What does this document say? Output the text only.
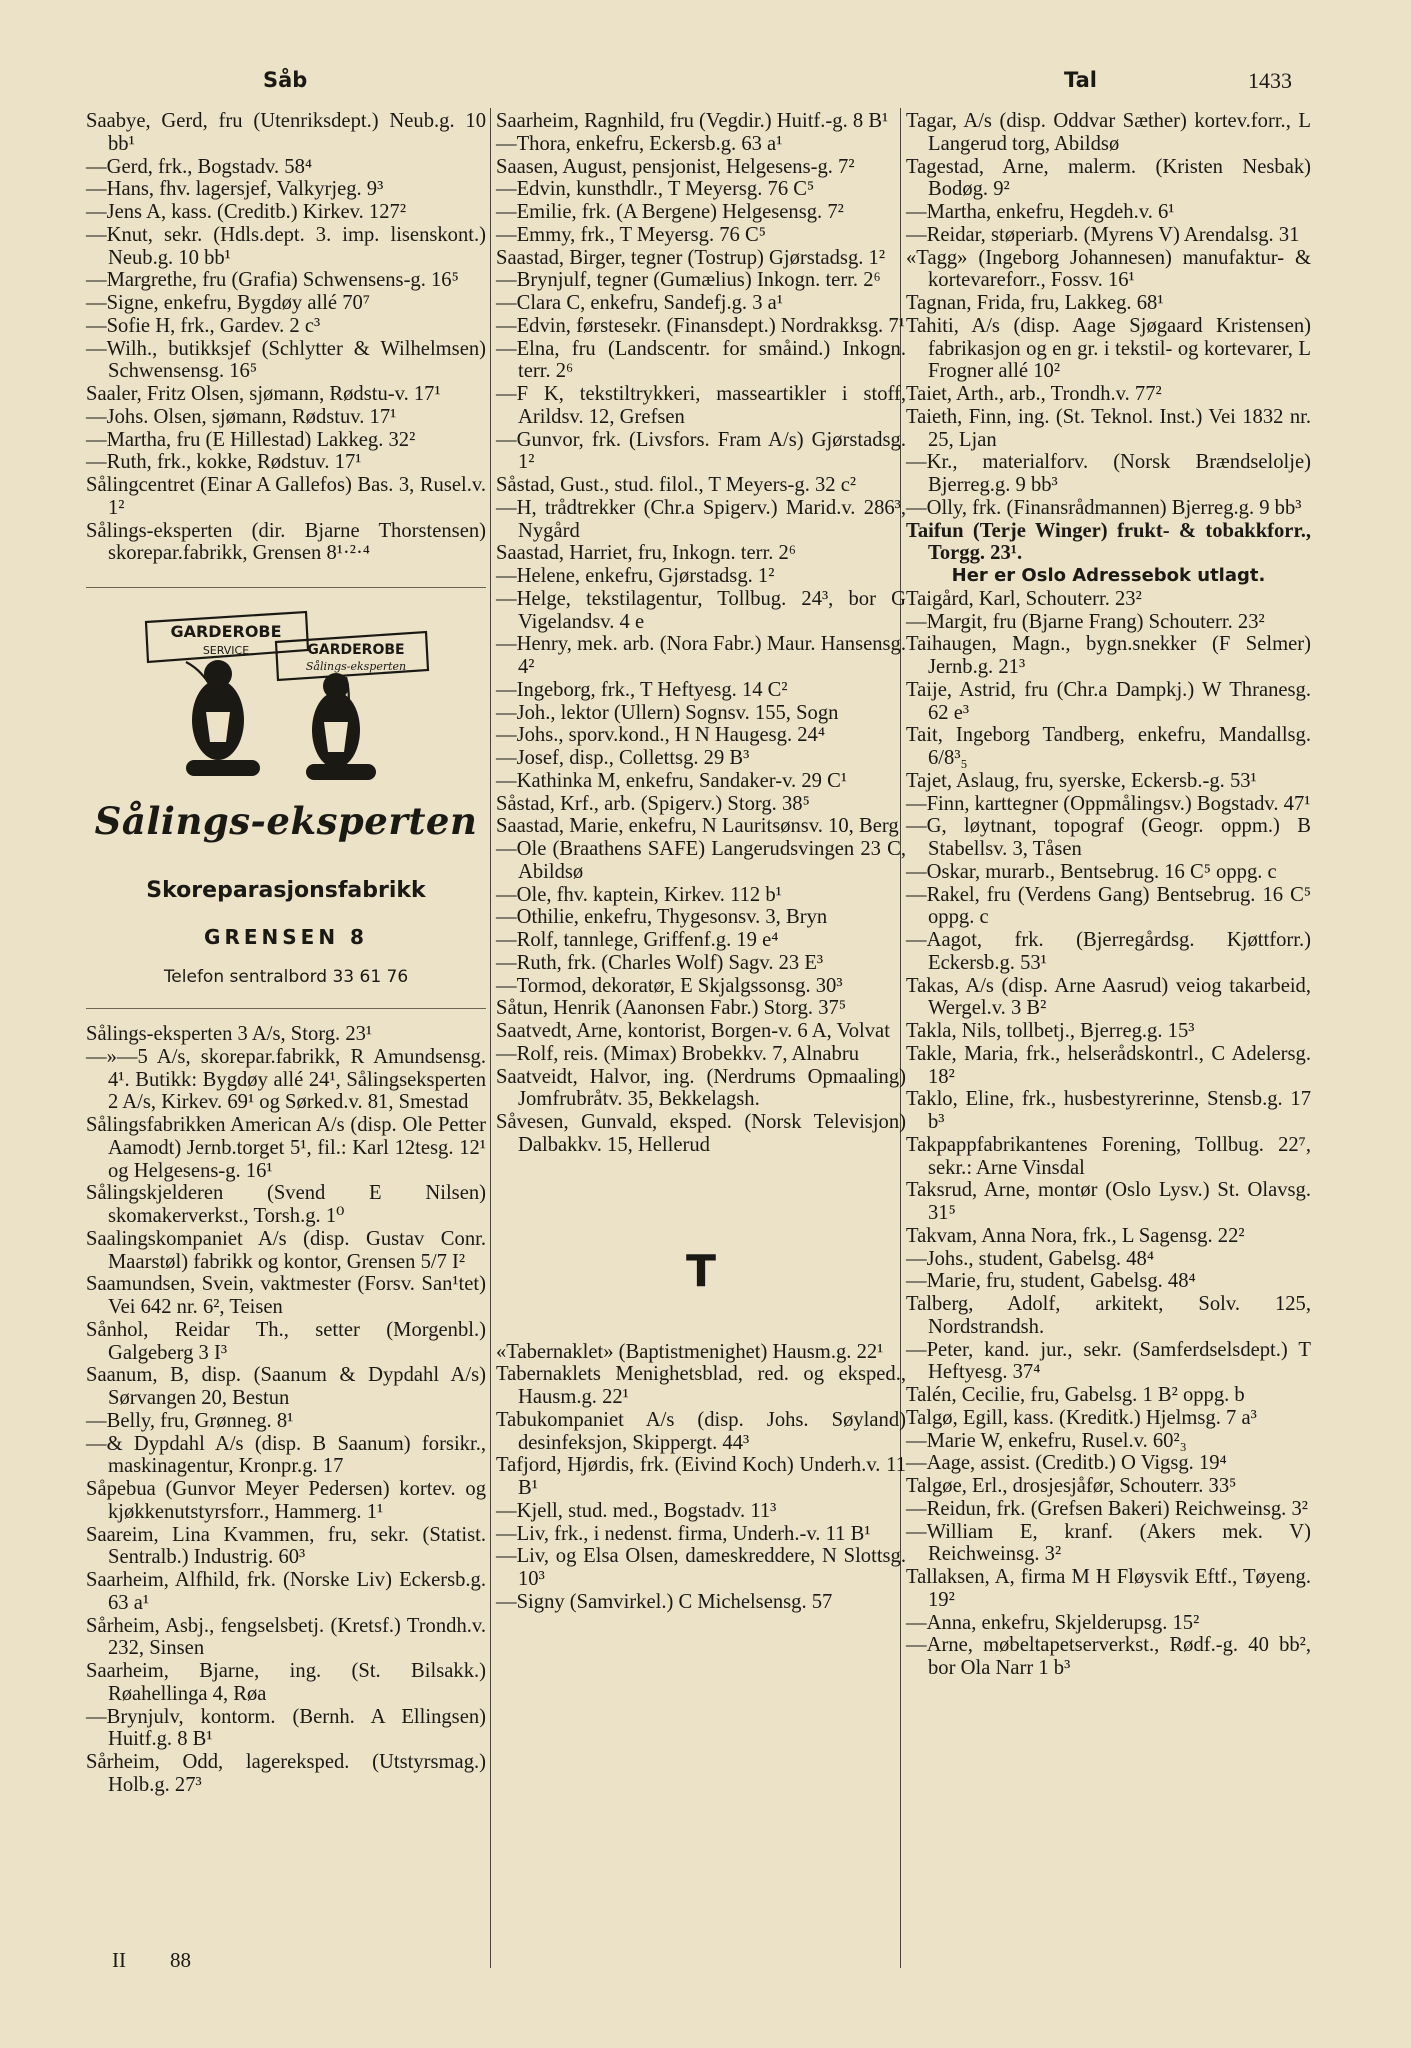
Såb	Tal	1433

Saabye, Gerd, fru (Utenriksdept.) Neub.g. 10 bb¹

—Gerd, frk., Bogstadv. 58⁴

—Hans, fhv. lagersjef, Valkyrjeg. 9³

—Jens A, kass. (Creditb.) Kirkev. 127²

—Knut, sekr. (Hdls.dept. 3. imp. lisenskont.) Neub.g. 10 bb¹

—Margrethe, fru (Grafia) Schwensens-g. 16⁵

—Signe, enkefru, Bygdøy allé 70⁷

—Sofie H, frk., Gardev. 2 c³

—Wilh., butikksjef (Schlytter & Wilhelmsen) Schwensensg. 16⁵

Saaler, Fritz Olsen, sjømann, Rødstu-v. 17¹

—Johs. Olsen, sjømann, Rødstuv. 17¹

—Martha, fru (E Hillestad) Lakkeg. 32²

—Ruth, frk., kokke, Rødstuv. 17¹

Sålingcentret (Einar A Gallefos) Bas. 3, Rusel.v. 1²

Sålings-eksperten (dir. Bjarne Thorstensen) skorepar.fabrikk, Grensen 8¹·²·⁴

GARDEROBE
SERVICE	GARDEROBE
Sålings-eksperten
Sålings-eksperten
Skoreparasjonsfabrikk
GRENSEN 8
Telefon sentralbord 33 61 76

Sålings-eksperten 3 A/s, Storg. 23¹

—»—5 A/s, skorepar.fabrikk, R Amundsensg. 4¹. Butikk: Bygdøy allé 24¹, Sålingseksperten 2 A/s, Kirkev. 69¹ og Sørked.v. 81, Smestad

Sålingsfabrikken American A/s (disp. Ole Petter Aamodt) Jernb.torget 5¹, fil.: Karl 12tesg. 12¹ og Helgesens-g. 16¹

Sålingskjelderen (Svend E Nilsen) skomakerverkst., Torsh.g. 1⁰

Saalingskompaniet A/s (disp. Gustav Conr. Maarstøl) fabrikk og kontor, Grensen 5/7 I²

Saamundsen, Svein, vaktmester (Forsv. San¹tet) Vei 642 nr. 6², Teisen

Sånhol, Reidar Th., setter (Morgenbl.) Galgeberg 3 I³

Saanum, B, disp. (Saanum & Dypdahl A/s) Sørvangen 20, Bestun

—Belly, fru, Grønneg. 8¹

—& Dypdahl A/s (disp. B Saanum) forsikr., maskinagentur, Kronpr.g. 17

Såpebua (Gunvor Meyer Pedersen) kortev. og kjøkkenutstyrsforr., Hammerg. 1¹

Saareim, Lina Kvammen, fru, sekr. (Statist. Sentralb.) Industrig. 60³

Saarheim, Alfhild, frk. (Norske Liv) Eckersb.g. 63 a¹

Sårheim, Asbj., fengselsbetj. (Kretsf.) Trondh.v. 232, Sinsen

Saarheim, Bjarne, ing. (St. Bilsakk.) Røahellinga 4, Røa

—Brynjulv, kontorm. (Bernh. A Ellingsen) Huitf.g. 8 B¹

Sårheim, Odd, lagereksped. (Utstyrsmag.) Holb.g. 27³

Saarheim, Ragnhild, fru (Vegdir.) Huitf.-g. 8 B¹

—Thora, enkefru, Eckersb.g. 63 a¹

Saasen, August, pensjonist, Helgesens-g. 7²

—Edvin, kunsthdlr., T Meyersg. 76 C⁵

—Emilie, frk. (A Bergene) Helgesensg. 7²

—Emmy, frk., T Meyersg. 76 C⁵

Saastad, Birger, tegner (Tostrup) Gjørstadsg. 1²

—Brynjulf, tegner (Gumælius) Inkogn. terr. 2⁶

—Clara C, enkefru, Sandefj.g. 3 a¹

—Edvin, førstesekr. (Finansdept.) Nordrakksg. 7¹

—Elna, fru (Landscentr. for småind.) Inkogn. terr. 2⁶

—F K, tekstiltrykkeri, masseartikler i stoff, Arildsv. 12, Grefsen

—Gunvor, frk. (Livsfors. Fram A/s) Gjørstadsg. 1²

Såstad, Gust., stud. filol., T Meyers-g. 32 c²

—H, trådtrekker (Chr.a Spigerv.) Marid.v. 286³, Nygård

Saastad, Harriet, fru, Inkogn. terr. 2⁶

—Helene, enkefru, Gjørstadsg. 1²

—Helge, tekstilagentur, Tollbug. 24³, bor G Vigelandsv. 4 e

—Henry, mek. arb. (Nora Fabr.) Maur. Hansensg. 4²

—Ingeborg, frk., T Heftyesg. 14 C²

—Joh., lektor (Ullern) Sognsv. 155, Sogn

—Johs., sporv.kond., H N Haugesg. 24⁴

—Josef, disp., Collettsg. 29 B³

—Kathinka M, enkefru, Sandaker-v. 29 C¹

Såstad, Krf., arb. (Spigerv.) Storg. 38⁵

Saastad, Marie, enkefru, N Lauritsønsv. 10, Berg

—Ole (Braathens SAFE) Langerudsvingen 23 C, Abildsø

—Ole, fhv. kaptein, Kirkev. 112 b¹

—Othilie, enkefru, Thygesonsv. 3, Bryn

—Rolf, tannlege, Griffenf.g. 19 e⁴

—Ruth, frk. (Charles Wolf) Sagv. 23 E³

—Tormod, dekoratør, E Skjalgssonsg. 30³

Såtun, Henrik (Aanonsen Fabr.) Storg. 37⁵

Saatvedt, Arne, kontorist, Borgen-v. 6 A, Volvat

—Rolf, reis. (Mimax) Brobekkv. 7, Alnabru

Saatveidt, Halvor, ing. (Nerdrums Opmaaling) Jomfrubråtv. 35, Bekkelagsh.

Såvesen, Gunvald, eksped. (Norsk Televisjon) Dalbakkv. 15, Hellerud

T

«Tabernaklet» (Baptistmenighet) Hausm.g. 22¹

Tabernaklets Menighetsblad, red. og eksped., Hausm.g. 22¹

Tabukompaniet A/s (disp. Johs. Søyland) desinfeksjon, Skippergt. 44³

Tafjord, Hjørdis, frk. (Eivind Koch) Underh.v. 11 B¹

—Kjell, stud. med., Bogstadv. 11³

—Liv, frk., i nedenst. firma, Underh.-v. 11 B¹

—Liv, og Elsa Olsen, dameskreddere, N Slottsg. 10³

—Signy (Samvirkel.) C Michelsensg. 57

Tagar, A/s (disp. Oddvar Sæther) kortev.forr., L Langerud torg, Abildsø

Tagestad, Arne, malerm. (Kristen Nesbak) Bodøg. 9²

—Martha, enkefru, Hegdeh.v. 6¹

—Reidar, støperiarb. (Myrens V) Arendalsg. 31

«Tagg» (Ingeborg Johannesen) manufaktur- & kortevareforr., Fossv. 16¹

Tagnan, Frida, fru, Lakkeg. 68¹

Tahiti, A/s (disp. Aage Sjøgaard Kristensen) fabrikasjon og en gr. i tekstil- og kortevarer, L Frogner allé 10²

Taiet, Arth., arb., Trondh.v. 77²

Taieth, Finn, ing. (St. Teknol. Inst.) Vei 1832 nr. 25, Ljan

—Kr., materialforv. (Norsk Brændselolje) Bjerreg.g. 9 bb³

—Olly, frk. (Finansrådmannen) Bjerreg.g. 9 bb³

Taifun (Terje Winger) frukt- & tobakkforr., Torgg. 23¹.

Her er Oslo Adressebok utlagt.

Taigård, Karl, Schouterr. 23²

—Margit, fru (Bjarne Frang) Schouterr. 23²

Taihaugen, Magn., bygn.snekker (F Selmer) Jernb.g. 21³

Taije, Astrid, fru (Chr.a Dampkj.) W Thranesg. 62 e³

Tait, Ingeborg Tandberg, enkefru, Mandallsg. 6/8³₅

Tajet, Aslaug, fru, syerske, Eckersb.-g. 53¹

—Finn, karttegner (Oppmålingsv.) Bogstadv. 47¹

—G, løytnant, topograf (Geogr. oppm.) B Stabellsv. 3, Tåsen

—Oskar, murarb., Bentsebrug. 16 C⁵ oppg. c

—Rakel, fru (Verdens Gang) Bentsebrug. 16 C⁵ oppg. c

—Aagot, frk. (Bjerregårdsg. Kjøttforr.) Eckersb.g. 53¹

Takas, A/s (disp. Arne Aasrud) veiog takarbeid, Wergel.v. 3 B²

Takla, Nils, tollbetj., Bjerreg.g. 15³

Takle, Maria, frk., helserådskontrl., C Adelersg. 18²

Taklo, Eline, frk., husbestyrerinne, Stensb.g. 17 b³

Takpappfabrikantenes Forening, Tollbug. 22⁷, sekr.: Arne Vinsdal

Taksrud, Arne, montør (Oslo Lysv.) St. Olavsg. 31⁵

Takvam, Anna Nora, frk., L Sagensg. 22²

—Johs., student, Gabelsg. 48⁴

—Marie, fru, student, Gabelsg. 48⁴

Talberg, Adolf, arkitekt, Solv. 125, Nordstrandsh.

—Peter, kand. jur., sekr. (Samferdselsdept.) T Heftyesg. 37⁴

Talén, Cecilie, fru, Gabelsg. 1 B² oppg. b

Talgø, Egill, kass. (Kreditk.) Hjelmsg. 7 a³

—Marie W, enkefru, Rusel.v. 60²₃

—Aage, assist. (Creditb.) O Vigsg. 19⁴

Talgøe, Erl., drosjesjåfør, Schouterr. 33⁵

—Reidun, frk. (Grefsen Bakeri) Reichweinsg. 3²

—William E, kranf. (Akers mek. V) Reichweinsg. 3²

Tallaksen, A, firma M H Fløysvik Eftf., Tøyeng. 19²

—Anna, enkefru, Skjelderupsg. 15²

—Arne, møbeltapetserverkst., Rødf.-g. 40 bb², bor Ola Narr 1 b³

II 88
